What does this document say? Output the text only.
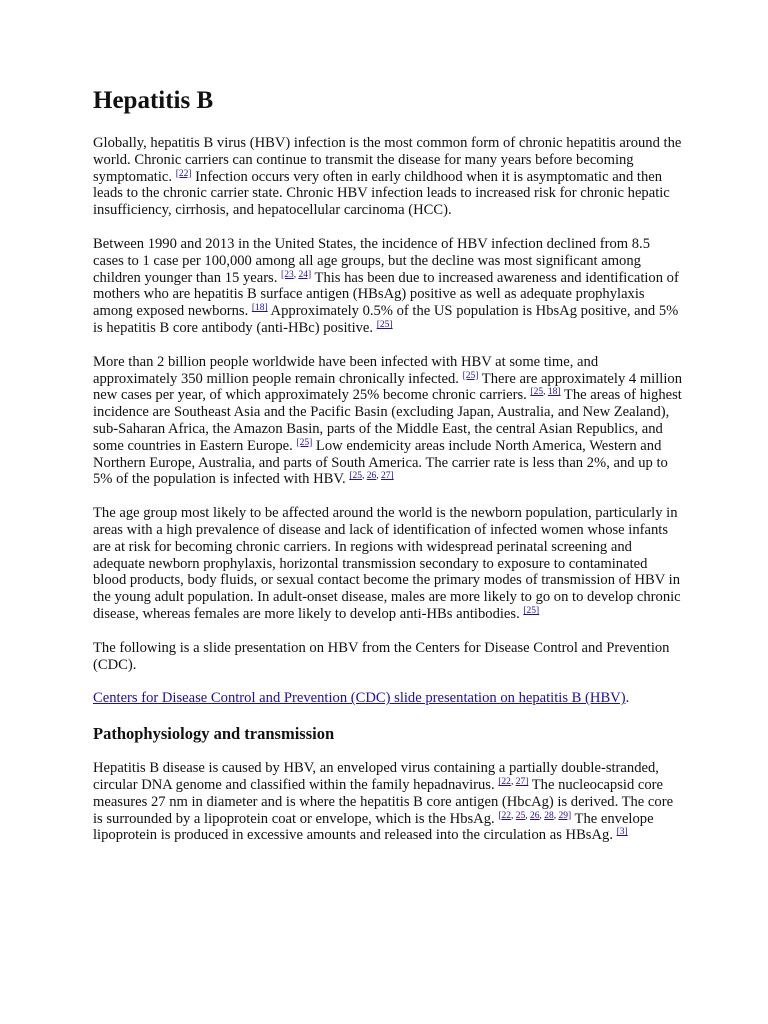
Hepatitis B

Globally, hepatitis B virus (HBV) infection is the most common form of chronic hepatitis around the world. Chronic carriers can continue to transmit the disease for many years before becoming symptomatic. [22] Infection occurs very often in early childhood when it is asymptomatic and then leads to the chronic carrier state. Chronic HBV infection leads to increased risk for chronic hepatic insufficiency, cirrhosis, and hepatocellular carcinoma (HCC).

Between 1990 and 2013 in the United States, the incidence of HBV infection declined from 8.5 cases to 1 case per 100,000 among all age groups, but the decline was most significant among children younger than 15 years. [23, 24] This has been due to increased awareness and identification of mothers who are hepatitis B surface antigen (HBsAg) positive as well as adequate prophylaxis among exposed newborns. [18] Approximately 0.5% of the US population is HbsAg positive, and 5% is hepatitis B core antibody (anti-HBc) positive. [25]

More than 2 billion people worldwide have been infected with HBV at some time, and approximately 350 million people remain chronically infected. [25] There are approximately 4 million new cases per year, of which approximately 25% become chronic carriers. [25, 18] The areas of highest incidence are Southeast Asia and the Pacific Basin (excluding Japan, Australia, and New Zealand), sub-Saharan Africa, the Amazon Basin, parts of the Middle East, the central Asian Republics, and some countries in Eastern Europe. [25] Low endemicity areas include North America, Western and Northern Europe, Australia, and parts of South America. The carrier rate is less than 2%, and up to 5% of the population is infected with HBV. [25, 26, 27]

The age group most likely to be affected around the world is the newborn population, particularly in areas with a high prevalence of disease and lack of identification of infected women whose infants are at risk for becoming chronic carriers. In regions with widespread perinatal screening and adequate newborn prophylaxis, horizontal transmission secondary to exposure to contaminated blood products, body fluids, or sexual contact become the primary modes of transmission of HBV in the young adult population. In adult-onset disease, males are more likely to go on to develop chronic disease, whereas females are more likely to develop anti-HBs antibodies. [25]

The following is a slide presentation on HBV from the Centers for Disease Control and Prevention (CDC).

Centers for Disease Control and Prevention (CDC) slide presentation on hepatitis B (HBV).

Pathophysiology and transmission

Hepatitis B disease is caused by HBV, an enveloped virus containing a partially double-stranded, circular DNA genome and classified within the family hepadnavirus. [22, 27] The nucleocapsid core measures 27 nm in diameter and is where the hepatitis B core antigen (HbcAg) is derived. The core is surrounded by a lipoprotein coat or envelope, which is the HbsAg. [22, 25, 26, 28, 29] The envelope lipoprotein is produced in excessive amounts and released into the circulation as HBsAg. [3]
